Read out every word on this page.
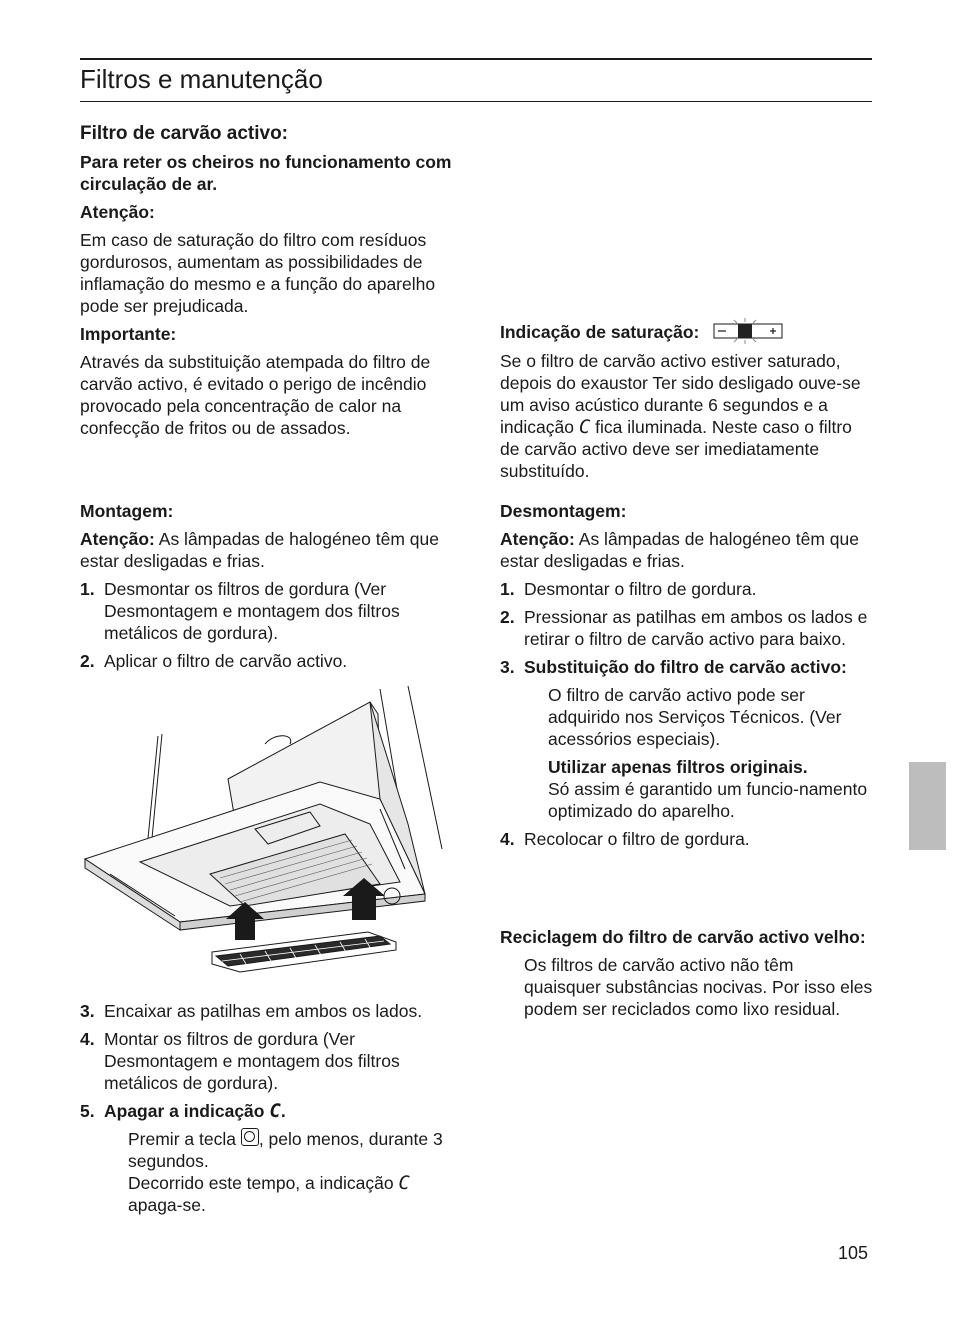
Filtros e manutenção

Filtro de carvão activo:

Para reter os cheiros no funcionamento com circulação de ar.

Atenção:

Em caso de saturação do filtro com resíduos gordurosos, aumentam as possibilidades de inflamação do mesmo e a função do aparelho pode ser prejudicada.

Importante:

Através da substituição atempada do filtro de carvão activo, é evitado o perigo de incêndio provocado pela concentração de calor na confecção de fritos ou de assados.

Montagem:

Atenção: As lâmpadas de halogéneo têm que estar desligadas e frias.

1. Desmontar os filtros de gordura (Ver Desmontagem e montagem dos filtros metálicos de gordura).
2. Aplicar o filtro de carvão activo.
3. Encaixar as patilhas em ambos os lados.
4. Montar os filtros de gordura (Ver Desmontagem e montagem dos filtros metálicos de gordura).
5. Apagar a indicação C.

Premir a tecla , pelo menos, durante 3 segundos.
Decorrido este tempo, a indicação C apaga-se.

Indicação de saturação:

Se o filtro de carvão activo estiver saturado, depois do exaustor Ter sido desligado ouve-se um aviso acústico durante 6 segundos e a indicação C fica iluminada. Neste caso o filtro de carvão activo deve ser imediatamente substituído.

Desmontagem:

Atenção: As lâmpadas de halogéneo têm que estar desligadas e frias.

1. Desmontar o filtro de gordura.
2. Pressionar as patilhas em ambos os lados e retirar o filtro de carvão activo para baixo.
3. Substituição do filtro de carvão activo:

O filtro de carvão activo pode ser adquirido nos Serviços Técnicos. (Ver acessórios especiais).

Utilizar apenas filtros originais.

Só assim é garantido um funcio-namento optimizado do aparelho.

4. Recolocar o filtro de gordura.

Reciclagem do filtro de carvão activo velho:

Os filtros de carvão activo não têm quaisquer substâncias nocivas. Por isso eles podem ser reciclados como lixo residual.

105
